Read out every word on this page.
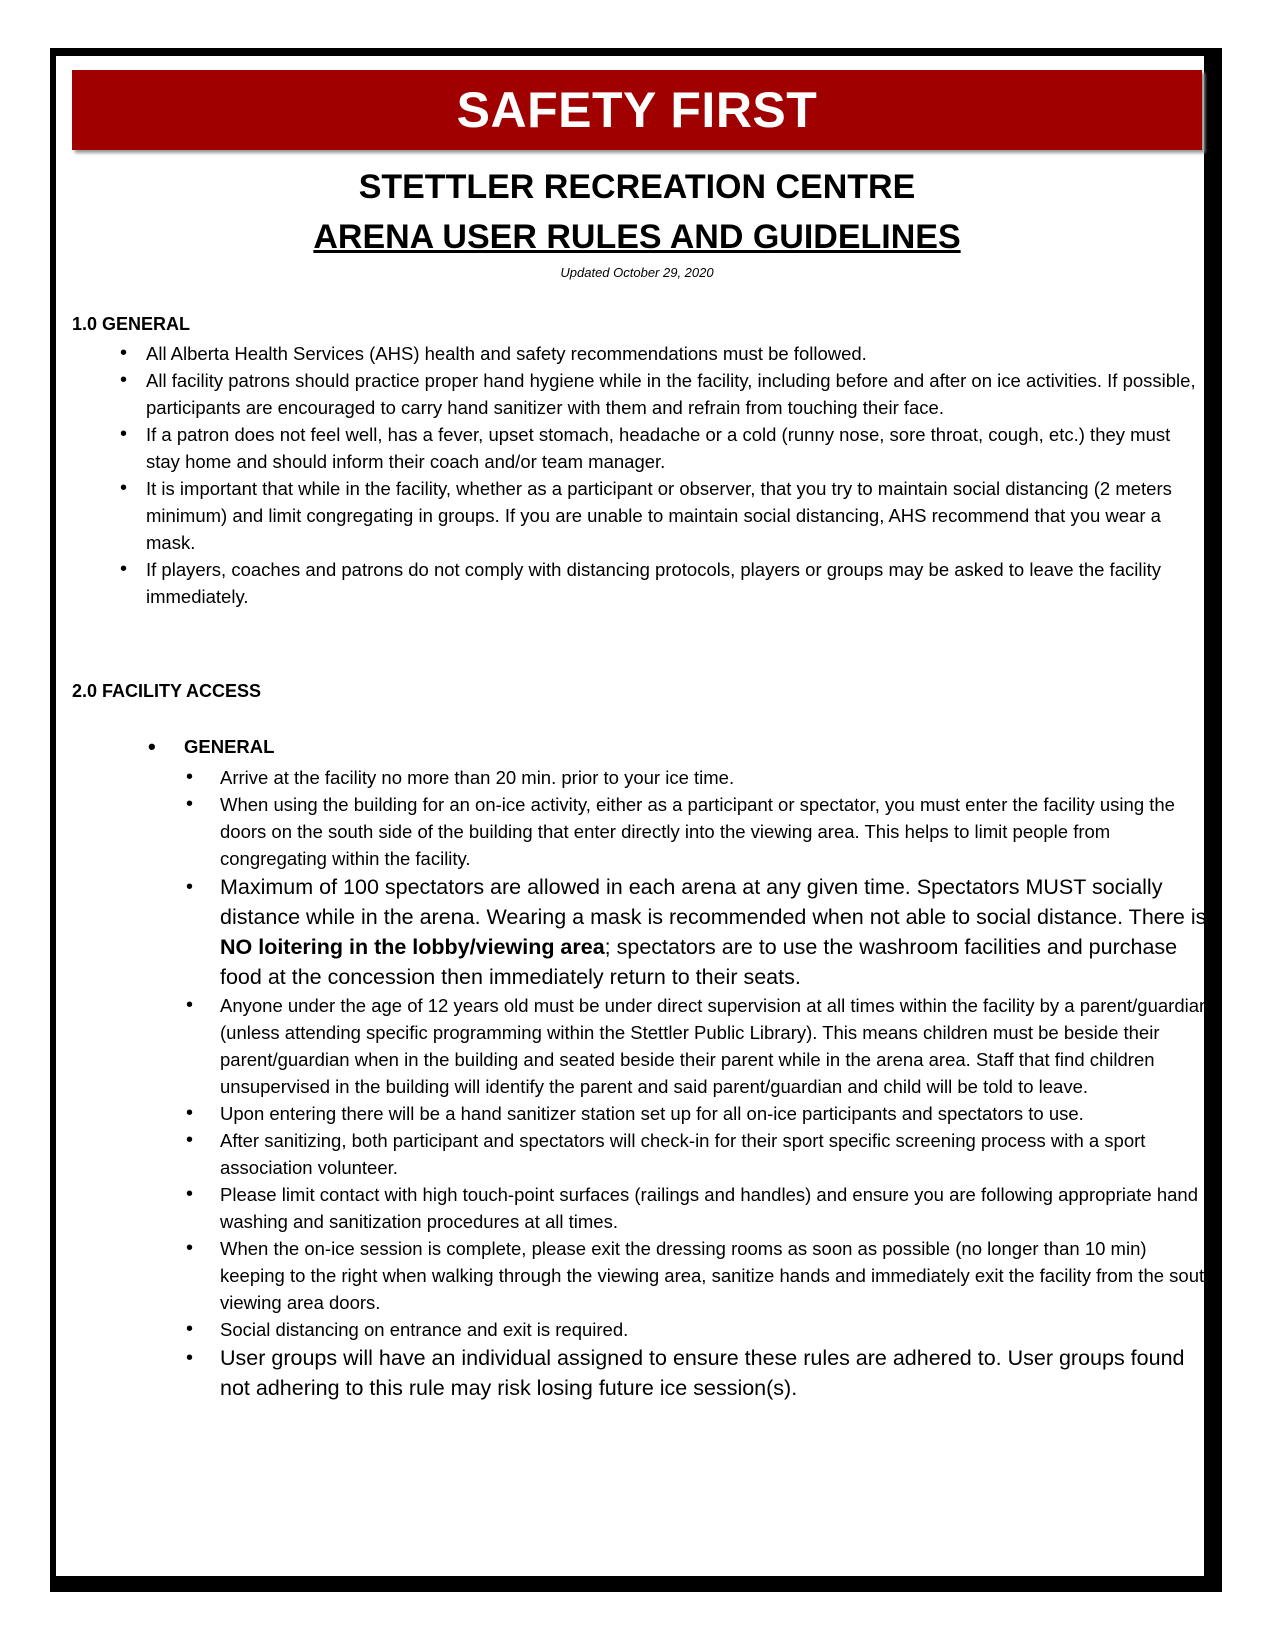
SAFETY FIRST
STETTLER RECREATION CENTRE
ARENA USER RULES AND GUIDELINES
Updated October 29, 2020
1.0 GENERAL
• All Alberta Health Services (AHS) health and safety recommendations must be followed.
• All facility patrons should practice proper hand hygiene while in the facility, including before and after on ice activities. If possible, participants are encouraged to carry hand sanitizer with them and refrain from touching their face.
• If a patron does not feel well, has a fever, upset stomach, headache or a cold (runny nose, sore throat, cough, etc.) they must stay home and should inform their coach and/or team manager.
• It is important that while in the facility, whether as a participant or observer, that you try to maintain social distancing (2 meters minimum) and limit congregating in groups. If you are unable to maintain social distancing, AHS recommend that you wear a mask.
• If players, coaches and patrons do not comply with distancing protocols, players or groups may be asked to leave the facility immediately.
2.0 FACILITY ACCESS
• GENERAL
• Arrive at the facility no more than 20 min. prior to your ice time.
• When using the building for an on-ice activity, either as a participant or spectator, you must enter the facility using the doors on the south side of the building that enter directly into the viewing area. This helps to limit people from congregating within the facility.
• Maximum of 100 spectators are allowed in each arena at any given time. Spectators MUST socially distance while in the arena. Wearing a mask is recommended when not able to social distance. There is NO loitering in the lobby/viewing area; spectators are to use the washroom facilities and purchase food at the concession then immediately return to their seats.
• Anyone under the age of 12 years old must be under direct supervision at all times within the facility by a parent/guardian (unless attending specific programming within the Stettler Public Library). This means children must be beside their parent/guardian when in the building and seated beside their parent while in the arena area. Staff that find children unsupervised in the building will identify the parent and said parent/guardian and child will be told to leave.
• Upon entering there will be a hand sanitizer station set up for all on-ice participants and spectators to use.
• After sanitizing, both participant and spectators will check-in for their sport specific screening process with a sport association volunteer.
• Please limit contact with high touch-point surfaces (railings and handles) and ensure you are following appropriate hand washing and sanitization procedures at all times.
• When the on-ice session is complete, please exit the dressing rooms as soon as possible (no longer than 10 min) keeping to the right when walking through the viewing area, sanitize hands and immediately exit the facility from the south viewing area doors.
• Social distancing on entrance and exit is required.
• User groups will have an individual assigned to ensure these rules are adhered to. User groups found not adhering to this rule may risk losing future ice session(s).
